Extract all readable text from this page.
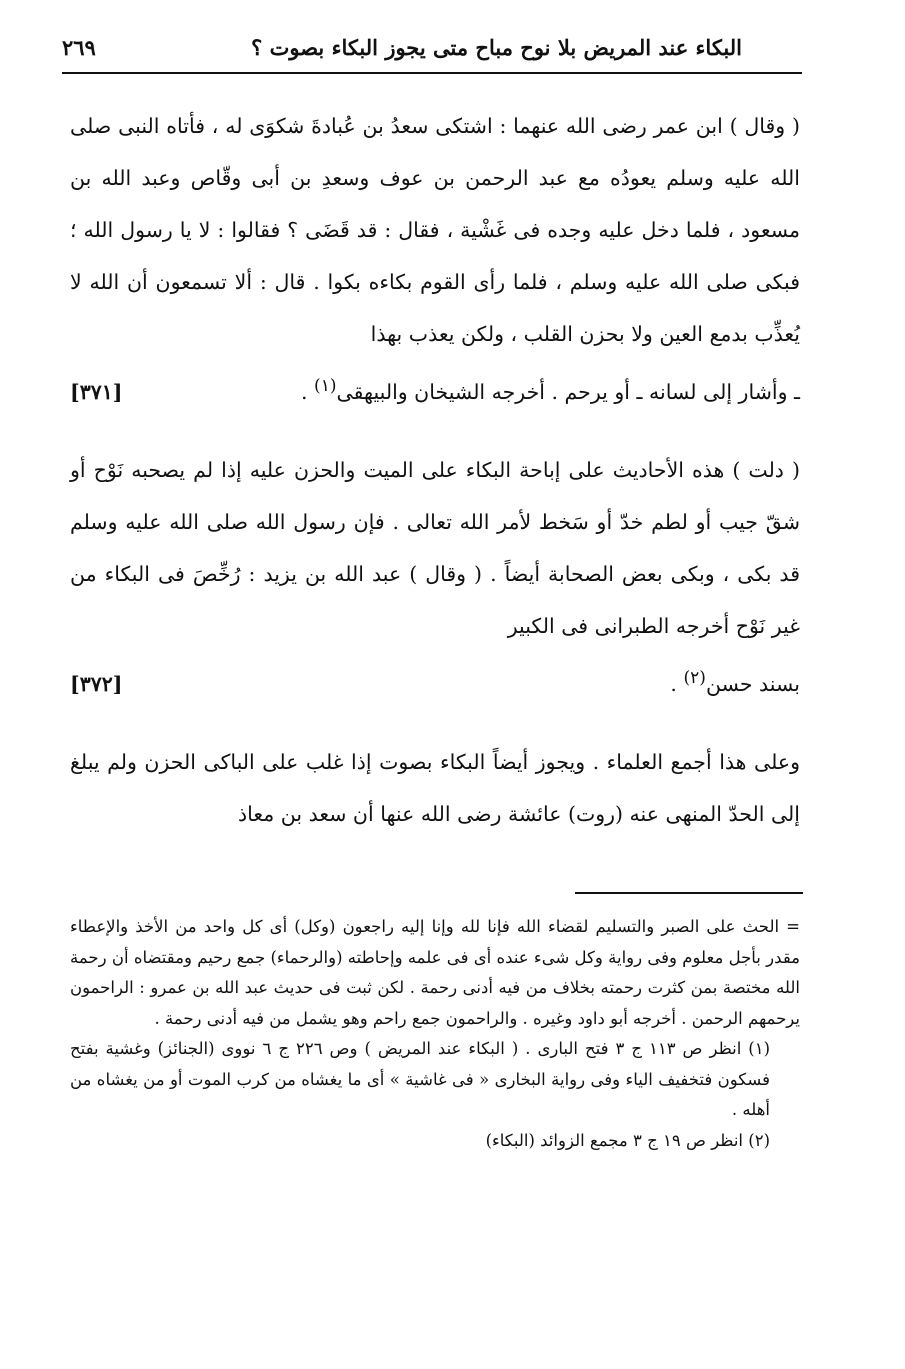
البكاء عند المريض بلا نوح مباح متى يجوز البكاء بصوت ؟
٢٦٩

( وقال ) ابن عمر رضى الله عنهما : اشتكى سعدُ بن عُبادةَ شكوَى له ، فأتاه النبى صلى الله عليه وسلم يعودُه مع عبد الرحمن بن عوف وسعدِ بن أبى وقّاص وعبد الله بن مسعود ، فلما دخل عليه وجده فى غَشْية ، فقال : قد قَضَى ؟ فقالوا : لا يا رسول الله ؛ فبكى صلى الله عليه وسلم ، فلما رأى القوم بكاءه بكوا . قال : ألا تسمعون أن الله لا يُعذِّب بدمع العين ولا بحزن القلب ، ولكن يعذب بهذا
ـ وأشار إلى لسانه ـ أو يرحم . أخرجه الشيخان والبيهقى$^{(١)}$ .
[٣٧١]

( دلت ) هذه الأحاديث على إباحة البكاء على الميت والحزن عليه إذا لم يصحبه نَوْح أو شقّ جيب أو لطم خدّ أو سَخط لأمر الله تعالى . فإن رسول الله صلى الله عليه وسلم قد بكى ، وبكى بعض الصحابة أيضاً . ( وقال ) عبد الله بن يزيد : رُخِّصَ فى البكاء من غير نَوْح أخرجه الطبرانى فى الكبير
بسند حسن$^{(٢)}$ .
[٣٧٢]

وعلى هذا أجمع العلماء . ويجوز أيضاً البكاء بصوت إذا غلب على الباكى الحزن ولم يبلغ إلى الحدّ المنهى عنه (روت) عائشة رضى الله عنها أن سعد بن معاذ

= الحث على الصبر والتسليم لقضاء الله فإنا لله وإنا إليه راجعون (وكل) أى كل واحد من الأخذ والإعطاء مقدر بأجل معلوم وفى رواية وكل شىء عنده أى فى علمه وإحاطته (والرحماء) جمع رحيم ومقتضاه أن رحمة الله مختصة بمن كثرت رحمته بخلاف من فيه أدنى رحمة . لكن ثبت فى حديث عبد الله بن عمرو : الراحمون يرحمهم الرحمن . أخرجه أبو داود وغيره . والراحمون جمع راحم وهو يشمل من فيه أدنى رحمة .

(١) انظر ص ١١٣ ج ٣ فتح البارى . ( البكاء عند المريض ) وص ٢٢٦ ج ٦ نووى (الجنائز) وغشية بفتح فسكون فتخفيف الياء وفى رواية البخارى « فى غاشية » أى ما يغشاه من كرب الموت أو من يغشاه من أهله .

(٢) انظر ص ١٩ ج ٣ مجمع الزوائد (البكاء)
